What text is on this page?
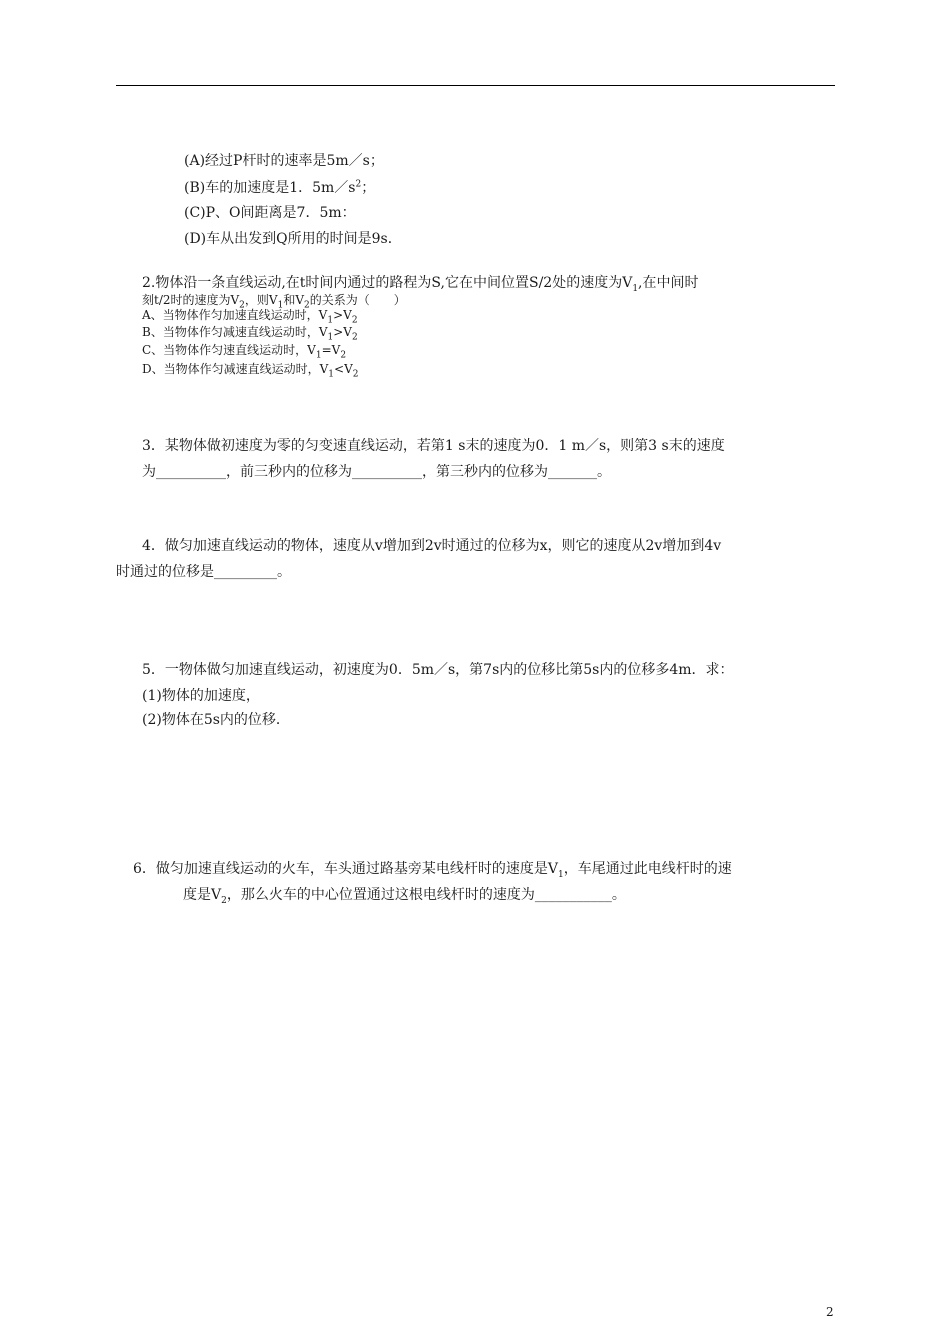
(A)经过P杆时的速率是5m／s；
(B)车的加速度是1．$5m/s^2$；
(C)P、O间距离是7．5m：
(D)车从出发到Q所用的时间是9s．
2.物体沿一条直线运动,在t时间内通过的路程为S,它在中间位置S/2处的速度为$V_1$,在中间时
刻t/2时的速度为$V_2$，则$V_1$和$V_2$的关系为（　　）
A、当物体作匀加速直线运动时，$V_1>V_2$
B、当物体作匀减速直线运动时，$V_1>V_2$
C、当物体作匀速直线运动时，$V_1=V_2$
D、当物体作匀减速直线运动时，$V_1<V_2$
3．某物体做初速度为零的匀变速直线运动，若第1 s末的速度为0．1 m／s，则第3 s末的速度
为__________，前三秒内的位移为__________，第三秒内的位移为_______。
4．做匀加速直线运动的物体，速度从v增加到2v时通过的位移为x，则它的速度从2v增加到4v
时通过的位移是_________。
5．一物体做匀加速直线运动，初速度为0．5m／s，第7s内的位移比第5s内的位移多4m．求：
(1)物体的加速度，
(2)物体在5s内的位移．
6．做匀加速直线运动的火车，车头通过路基旁某电线杆时的速度是$V_1$，车尾通过此电线杆时的速
度是$V_2$，那么火车的中心位置通过这根电线杆时的速度为___________。
2
